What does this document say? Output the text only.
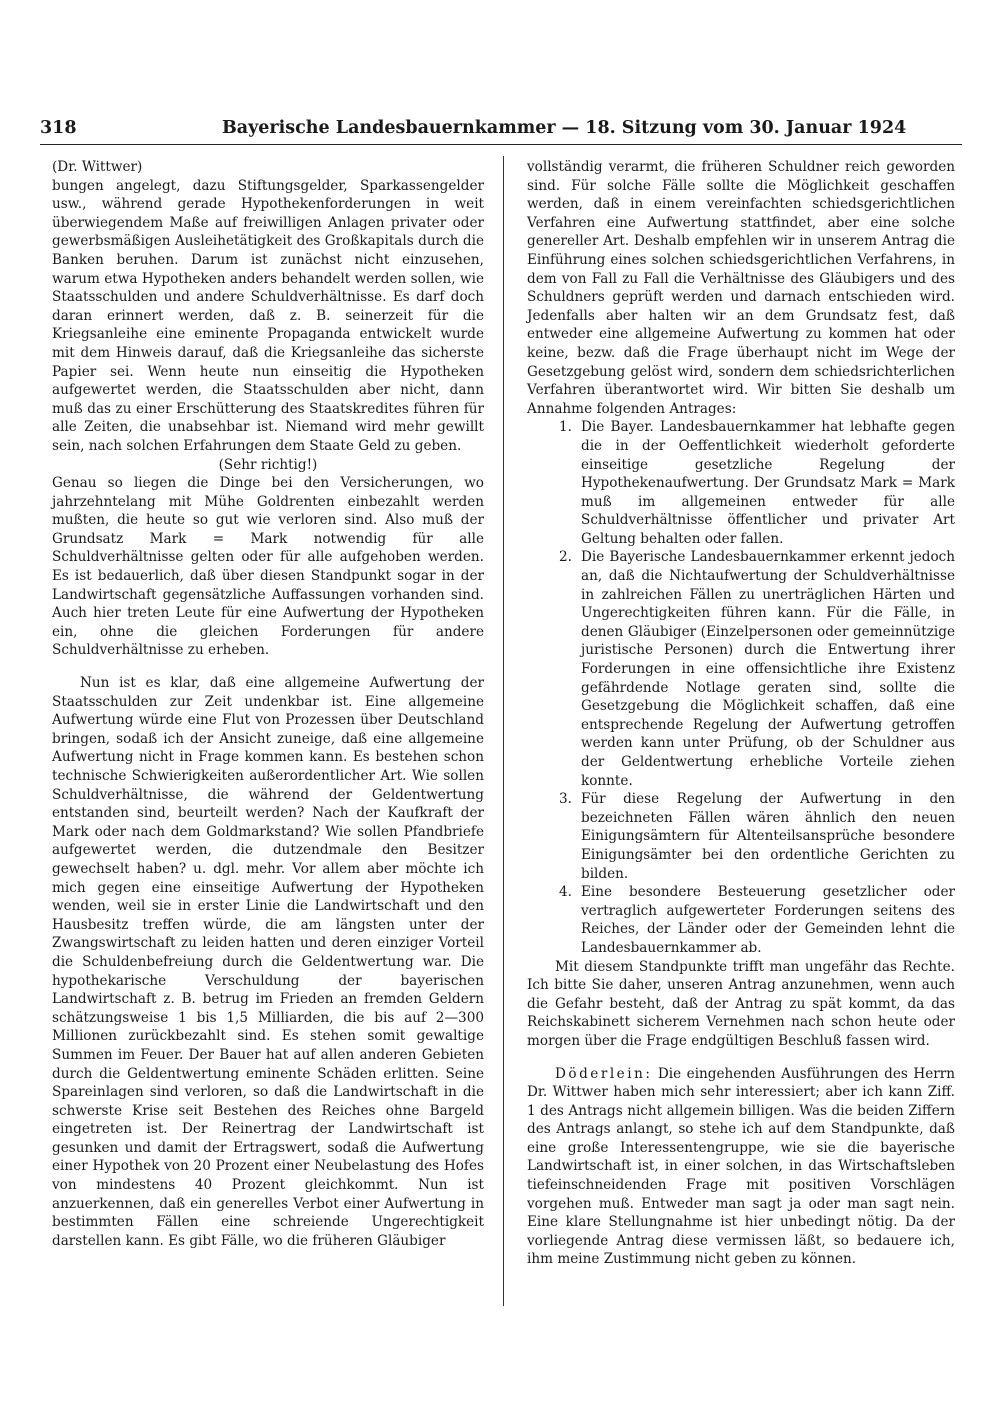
318	Bayerische Landesbauernkammer — 18. Sitzung vom 30. Januar 1924

(Dr. Wittwer)

bungen angelegt, dazu Stiftungsgelder, Sparkassengelder usw., während gerade Hypothekenforderungen in weit überwiegendem Maße auf freiwilligen Anlagen privater oder gewerbsmäßigen Ausleihetätigkeit des Großkapitals durch die Banken beruhen. Darum ist zunächst nicht einzusehen, warum etwa Hypotheken anders behandelt werden sollen, wie Staatsschulden und andere Schuldverhältnisse. Es darf doch daran erinnert werden, daß z. B. seinerzeit für die Kriegsanleihe eine eminente Propaganda entwickelt wurde mit dem Hinweis darauf, daß die Kriegsanleihe das sicherste Papier sei. Wenn heute nun einseitig die Hypotheken aufgewertet werden, die Staatsschulden aber nicht, dann muß das zu einer Erschütterung des Staatskredites führen für alle Zeiten, die unabsehbar ist. Niemand wird mehr gewillt sein, nach solchen Erfahrungen dem Staate Geld zu geben.

(Sehr richtig!)

Genau so liegen die Dinge bei den Versicherungen, wo jahrzehntelang mit Mühe Goldrenten einbezahlt werden mußten, die heute so gut wie verloren sind. Also muß der Grundsatz Mark = Mark notwendig für alle Schuldverhältnisse gelten oder für alle aufgehoben werden. Es ist bedauerlich, daß über diesen Standpunkt sogar in der Landwirtschaft gegensätzliche Auffassungen vorhanden sind. Auch hier treten Leute für eine Aufwertung der Hypotheken ein, ohne die gleichen Forderungen für andere Schuldverhältnisse zu erheben.

Nun ist es klar, daß eine allgemeine Aufwertung der Staatsschulden zur Zeit undenkbar ist. Eine allgemeine Aufwertung würde eine Flut von Prozessen über Deutschland bringen, sodaß ich der Ansicht zuneige, daß eine allgemeine Aufwertung nicht in Frage kommen kann. Es bestehen schon technische Schwierigkeiten außerordentlicher Art. Wie sollen Schuldverhältnisse, die während der Geldentwertung entstanden sind, beurteilt werden? Nach der Kaufkraft der Mark oder nach dem Goldmarkstand? Wie sollen Pfandbriefe aufgewertet werden, die dutzendmale den Besitzer gewechselt haben? u. dgl. mehr. Vor allem aber möchte ich mich gegen eine einseitige Aufwertung der Hypotheken wenden, weil sie in erster Linie die Landwirtschaft und den Hausbesitz treffen würde, die am längsten unter der Zwangswirtschaft zu leiden hatten und deren einziger Vorteil die Schuldenbefreiung durch die Geldentwertung war. Die hypothekarische Verschuldung der bayerischen Landwirtschaft z. B. betrug im Frieden an fremden Geldern schätzungsweise 1 bis 1,5 Milliarden, die bis auf 2—300 Millionen zurückbezahlt sind. Es stehen somit gewaltige Summen im Feuer. Der Bauer hat auf allen anderen Gebieten durch die Geldentwertung eminente Schäden erlitten. Seine Spareinlagen sind verloren, so daß die Landwirtschaft in die schwerste Krise seit Bestehen des Reiches ohne Bargeld eingetreten ist. Der Reinertrag der Landwirtschaft ist gesunken und damit der Ertragswert, sodaß die Aufwertung einer Hypothek von 20 Prozent einer Neubelastung des Hofes von mindestens 40 Prozent gleichkommt. Nun ist anzuerkennen, daß ein generelles Verbot einer Aufwertung in bestimmten Fällen eine schreiende Ungerechtigkeit darstellen kann. Es gibt Fälle, wo die früheren Gläubiger

vollständig verarmt, die früheren Schuldner reich geworden sind. Für solche Fälle sollte die Möglichkeit geschaffen werden, daß in einem vereinfachten schiedsgerichtlichen Verfahren eine Aufwertung stattfindet, aber eine solche genereller Art. Deshalb empfehlen wir in unserem Antrag die Einführung eines solchen schiedsgerichtlichen Verfahrens, in dem von Fall zu Fall die Verhältnisse des Gläubigers und des Schuldners geprüft werden und darnach entschieden wird. Jedenfalls aber halten wir an dem Grundsatz fest, daß entweder eine allgemeine Aufwertung zu kommen hat oder keine, bezw. daß die Frage überhaupt nicht im Wege der Gesetzgebung gelöst wird, sondern dem schiedsrichterlichen Verfahren überantwortet wird. Wir bitten Sie deshalb um Annahme folgenden Antrages:

1. Die Bayer. Landesbauernkammer hat lebhafte gegen die in der Oeffentlichkeit wiederholt geforderte einseitige gesetzliche Regelung der Hypothekenaufwertung. Der Grundsatz Mark = Mark muß im allgemeinen entweder für alle Schuldverhältnisse öffentlicher und privater Art Geltung behalten oder fallen.
2. Die Bayerische Landesbauernkammer erkennt jedoch an, daß die Nichtaufwertung der Schuldverhältnisse in zahlreichen Fällen zu unerträglichen Härten und Ungerechtigkeiten führen kann. Für die Fälle, in denen Gläubiger (Einzelpersonen oder gemeinnützige juristische Personen) durch die Entwertung ihrer Forderungen in eine offensichtliche ihre Existenz gefährdende Notlage geraten sind, sollte die Gesetzgebung die Möglichkeit schaffen, daß eine entsprechende Regelung der Aufwertung getroffen werden kann unter Prüfung, ob der Schuldner aus der Geldentwertung erhebliche Vorteile ziehen konnte.
3. Für diese Regelung der Aufwertung in den bezeichneten Fällen wären ähnlich den neuen Einigungsämtern für Altenteilsansprüche besondere Einigungsämter bei den ordentliche Gerichten zu bilden.
4. Eine besondere Besteuerung gesetzlicher oder vertraglich aufgewerteter Forderungen seitens des Reiches, der Länder oder der Gemeinden lehnt die Landesbauernkammer ab.

Mit diesem Standpunkte trifft man ungefähr das Rechte. Ich bitte Sie daher, unseren Antrag anzunehmen, wenn auch die Gefahr besteht, daß der Antrag zu spät kommt, da das Reichskabinett sicherem Vernehmen nach schon heute oder morgen über die Frage endgültigen Beschluß fassen wird.

Döderlein: Die eingehenden Ausführungen des Herrn Dr. Wittwer haben mich sehr interessiert; aber ich kann Ziff. 1 des Antrags nicht allgemein billigen. Was die beiden Ziffern des Antrags anlangt, so stehe ich auf dem Standpunkte, daß eine große Interessentengruppe, wie sie die bayerische Landwirtschaft ist, in einer solchen, in das Wirtschaftsleben tiefeinschneidenden Frage mit positiven Vorschlägen vorgehen muß. Entweder man sagt ja oder man sagt nein. Eine klare Stellungnahme ist hier unbedingt nötig. Da der vorliegende Antrag diese vermissen läßt, so bedauere ich, ihm meine Zustimmung nicht geben zu können.
